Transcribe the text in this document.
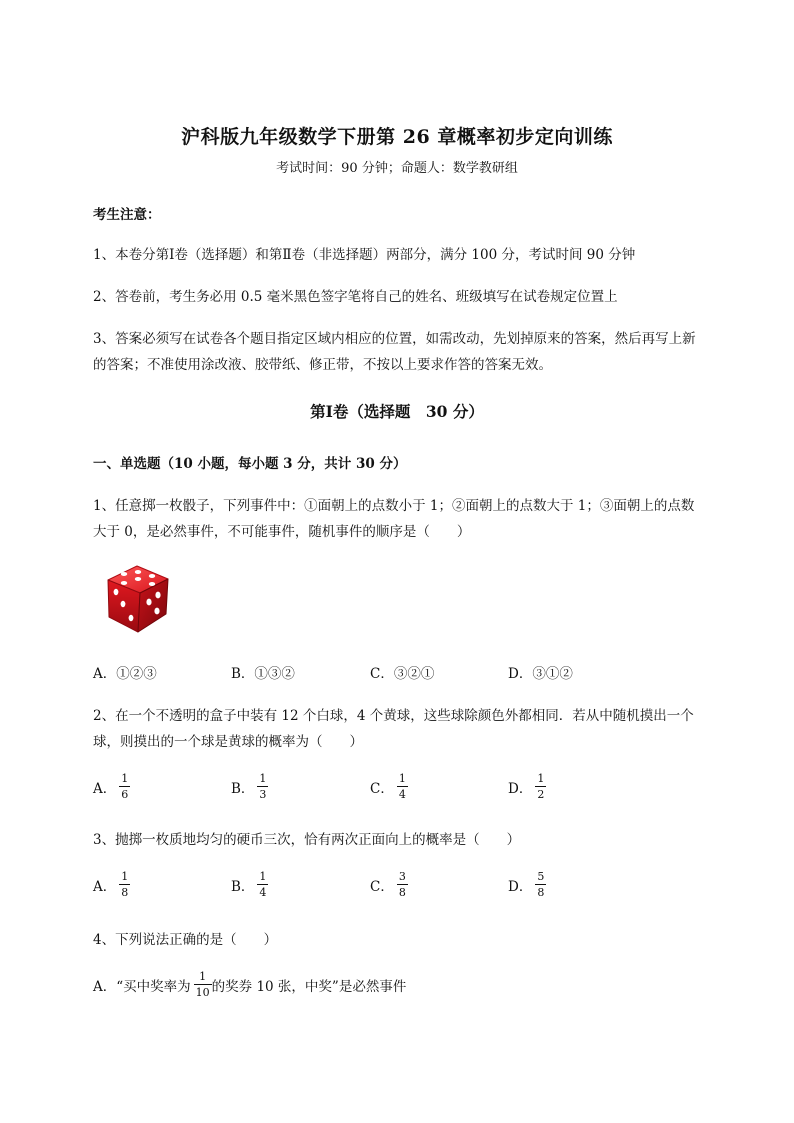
沪科版九年级数学下册第 26 章概率初步定向训练
考试时间：90 分钟；命题人：数学教研组
考生注意：
1、本卷分第Ⅰ卷（选择题）和第Ⅱ卷（非选择题）两部分，满分 100 分，考试时间 90 分钟
2、答卷前，考生务必用 0.5 毫米黑色签字笔将自己的姓名、班级填写在试卷规定位置上
3、答案必须写在试卷各个题目指定区域内相应的位置，如需改动，先划掉原来的答案，然后再写上新
的答案；不准使用涂改液、胶带纸、修正带，不按以上要求作答的答案无效。
第Ⅰ卷（选择题　30 分）
一、单选题（10 小题，每小题 3 分，共计 30 分）
1、任意掷一枚骰子，下列事件中：①面朝上的点数小于 1；②面朝上的点数大于 1；③面朝上的点数
大于 0，是必然事件，不可能事件，随机事件的顺序是（　　）
A．①②③	B．①③②	C．③②①	D．③①②
2、在一个不透明的盒子中装有 12 个白球，4 个黄球，这些球除颜色外都相同．若从中随机摸出一个
球，则摸出的一个球是黄球的概率为（　　）
A． $\frac{1}{6}$	B． $\frac{1}{3}$	C． $\frac{1}{4}$	D． $\frac{1}{2}$
3、抛掷一枚质地均匀的硬币三次，恰有两次正面向上的概率是（　　）
A． $\frac{1}{8}$	B． $\frac{1}{4}$	C． $\frac{3}{8}$	D． $\frac{5}{8}$
4、下列说法正确的是（　　）
A．“买中奖率为 $\frac{1}{10}$ 的奖券 10 张，中奖”是必然事件
